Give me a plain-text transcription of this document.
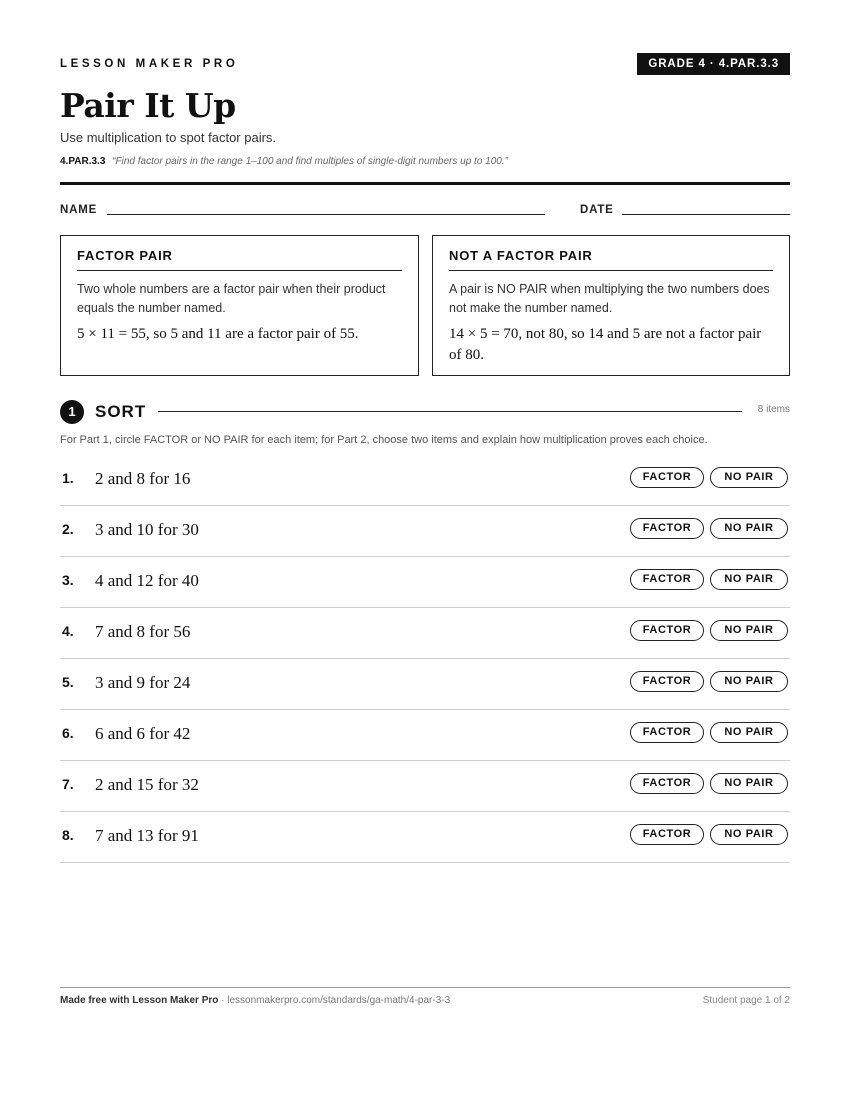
LESSON MAKER PRO	GRADE 4 · 4.PAR.3.3
Pair It Up
Use multiplication to spot factor pairs.
4.PAR.3.3 “Find factor pairs in the range 1–100 and find multiples of single-digit numbers up to 100.”
NAME	DATE
FACTOR PAIR
Two whole numbers are a factor pair when their product equals the number named.
5 × 11 = 55, so 5 and 11 are a factor pair of 55.
NOT A FACTOR PAIR
A pair is NO PAIR when multiplying the two numbers does not make the number named.
14 × 5 = 70, not 80, so 14 and 5 are not a factor pair of 80.
1	SORT	8 items
For Part 1, circle FACTOR or NO PAIR for each item; for Part 2, choose two items and explain how multiplication proves each choice.
1. 2 and 8 for 16	FACTOR	NO PAIR
2. 3 and 10 for 30	FACTOR	NO PAIR
3. 4 and 12 for 40	FACTOR	NO PAIR
4. 7 and 8 for 56	FACTOR	NO PAIR
5. 3 and 9 for 24	FACTOR	NO PAIR
6. 6 and 6 for 42	FACTOR	NO PAIR
7. 2 and 15 for 32	FACTOR	NO PAIR
8. 7 and 13 for 91	FACTOR	NO PAIR
Made free with Lesson Maker Pro · lessonmakerpro.com/standards/ga-math/4-par-3-3	Student page 1 of 2
